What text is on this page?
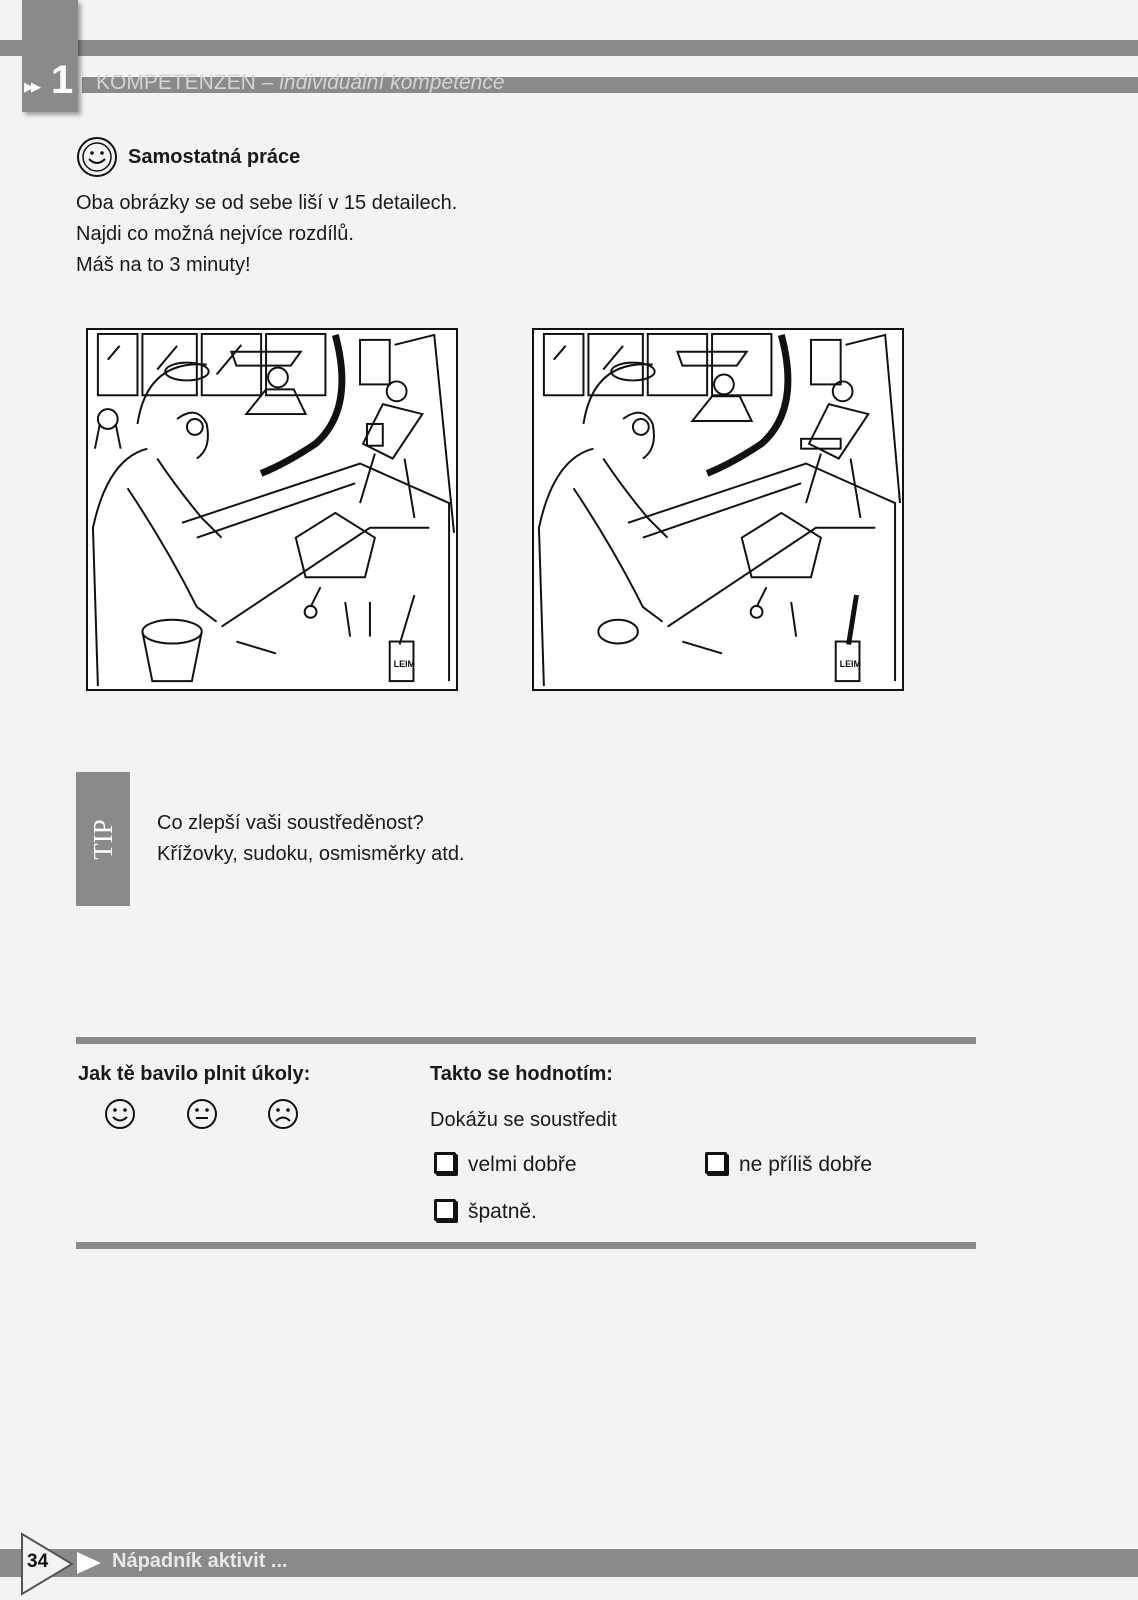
KOMPETENZEN – individuální kompetence
▶▶ 1
Samostatná práce
Oba obrázky se od sebe liší v 15 detailech.
Najdi co možná nejvíce rozdílů.
Máš na to 3 minuty!
LEIM	LEIM
TIP Co zlepší vaši soustředěnost?
Křížovky, sudoku, osmisměrky atd.
Jak tě bavilo plnit úkoly:	Takto se hodnotím:
Dokážu se soustředit
velmi dobře	ne příliš dobře
špatně.
34	Nápadník aktivit ...
